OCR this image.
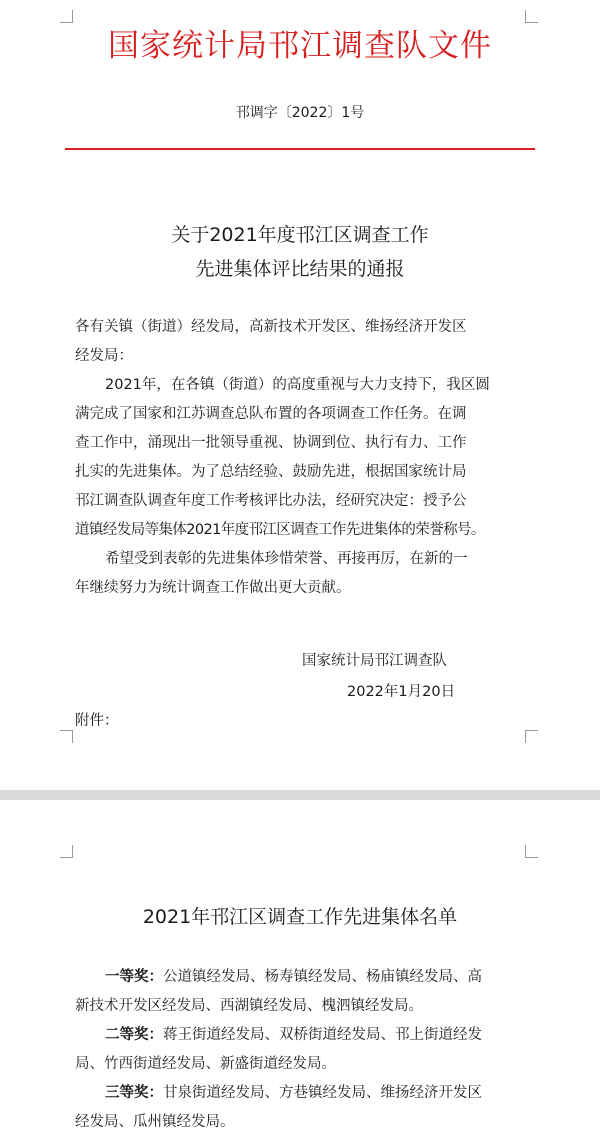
国家统计局邗江调查队文件
邗调字〔2022〕1号
关于2021年度邗江区调查工作
先进集体评比结果的通报
各有关镇（街道）经发局，高新技术开发区、维扬经济开发区
经发局：
2021年，在各镇（街道）的高度重视与大力支持下，我区圆
满完成了国家和江苏调查总队布置的各项调查工作任务。在调
查工作中，涌现出一批领导重视、协调到位、执行有力、工作
扎实的先进集体。为了总结经验、鼓励先进，根据国家统计局
邗江调查队调查年度工作考核评比办法，经研究决定：授予公
道镇经发局等集体2021年度邗江区调查工作先进集体的荣誉称号。
希望受到表彰的先进集体珍惜荣誉、再接再厉，在新的一
年继续努力为统计调查工作做出更大贡献。
国家统计局邗江调查队
2022年1月20日
附件：
2021年邗江区调查工作先进集体名单
一等奖：公道镇经发局、杨寿镇经发局、杨庙镇经发局、高
新技术开发区经发局、西湖镇经发局、槐泗镇经发局。
二等奖：蒋王街道经发局、双桥街道经发局、邗上街道经发
局、竹西街道经发局、新盛街道经发局。
三等奖：甘泉街道经发局、方巷镇经发局、维扬经济开发区
经发局、瓜州镇经发局。
